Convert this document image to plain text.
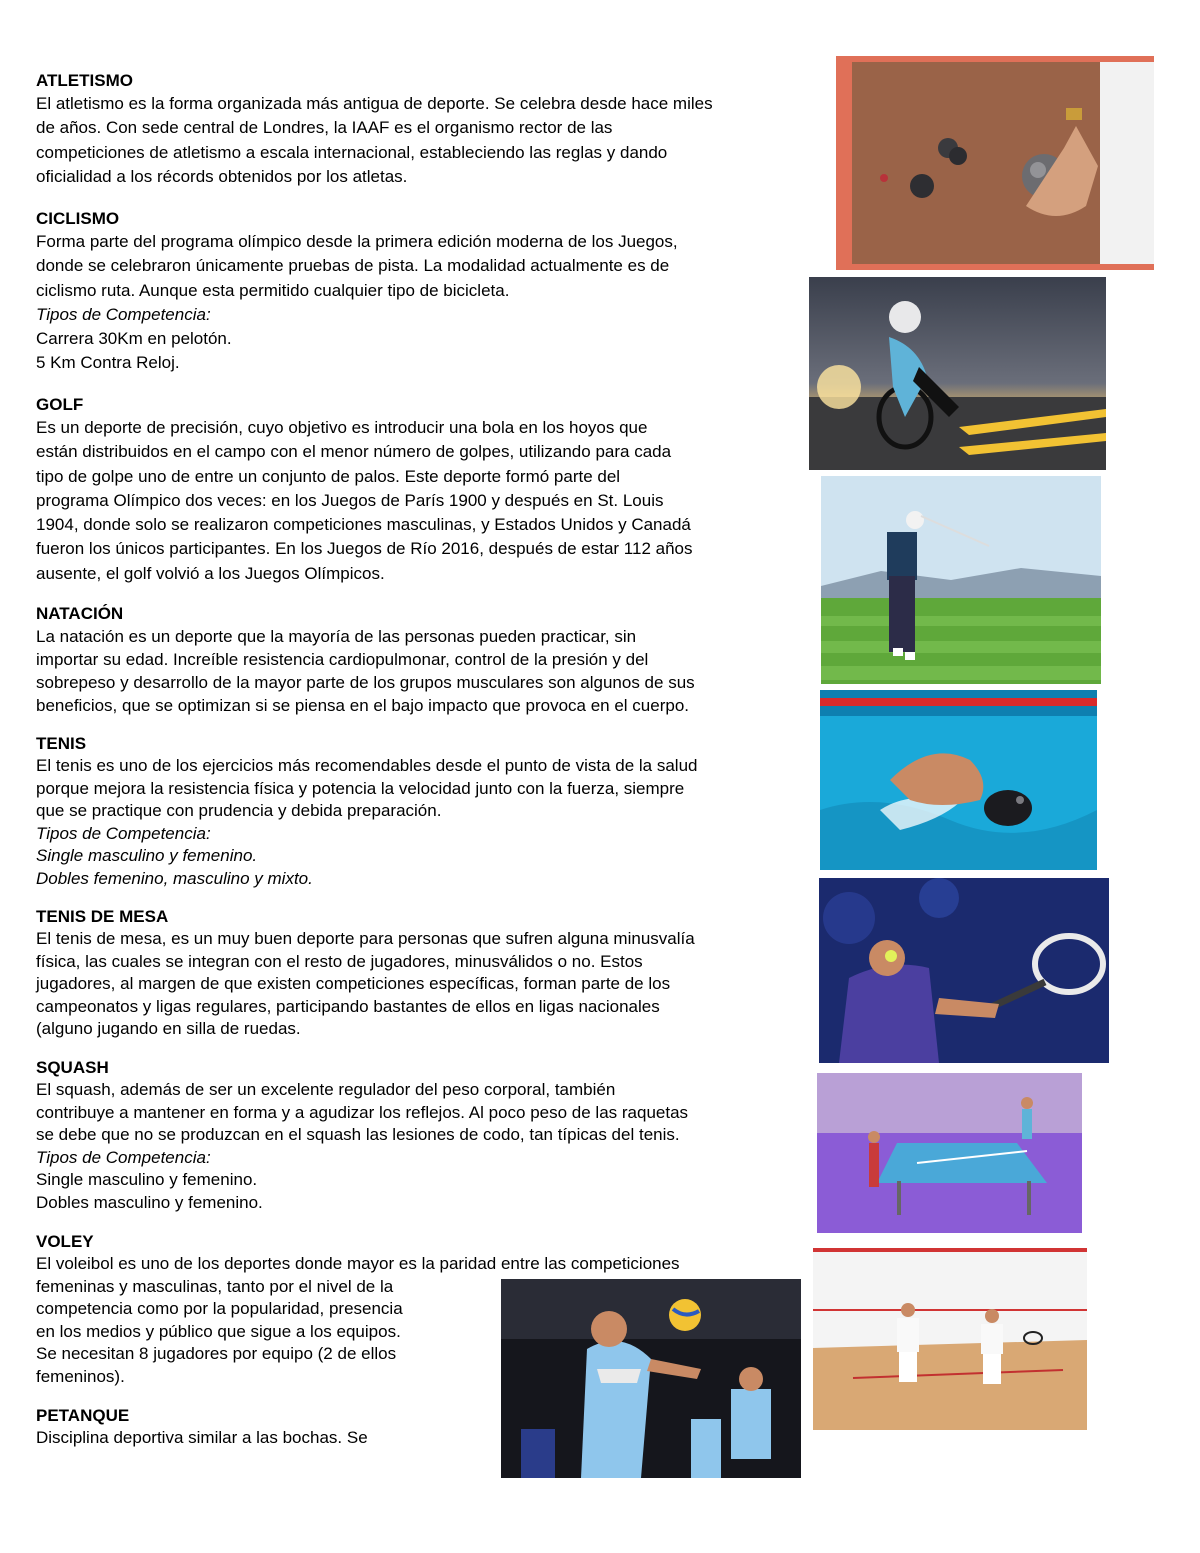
ATLETISMO
El atletismo es la forma organizada más antigua de deporte. Se celebra desde hace miles
de años. Con sede central de Londres, la IAAF es el organismo rector de las
competiciones de atletismo a escala internacional, estableciendo las reglas y dando
oficialidad a los récords obtenidos por los atletas.
CICLISMO
Forma parte del programa olímpico desde la primera edición moderna de los Juegos,
donde se celebraron únicamente pruebas de pista. La modalidad actualmente es de
ciclismo ruta. Aunque esta permitido cualquier tipo de bicicleta.
Tipos de Competencia:
Carrera 30Km en pelotón.
5 Km Contra Reloj.
GOLF
Es un deporte de precisión, cuyo objetivo es introducir una bola en los hoyos que
están distribuidos en el campo con el menor número de golpes, utilizando para cada
tipo de golpe uno de entre un conjunto de palos. Este deporte formó parte del
programa Olímpico dos veces: en los Juegos de París 1900 y después en St. Louis
1904, donde solo se realizaron competiciones masculinas, y Estados Unidos y Canadá
fueron los únicos participantes. En los Juegos de Río 2016, después de estar 112 años
ausente, el golf volvió a los Juegos Olímpicos.
NATACIÓN
La natación es un deporte que la mayoría de las personas pueden practicar, sin
importar su edad. Increíble resistencia cardiopulmonar, control de la presión y del
sobrepeso y desarrollo de la mayor parte de los grupos musculares son algunos de sus
beneficios, que se optimizan si se piensa en el bajo impacto que provoca en el cuerpo.
TENIS
El tenis es uno de los ejercicios más recomendables desde el punto de vista de la salud
porque mejora la resistencia física y potencia la velocidad junto con la fuerza, siempre
que se practique con prudencia y debida preparación.
Tipos de Competencia:
Single masculino y femenino.
Dobles femenino, masculino y mixto.
TENIS DE MESA
El tenis de mesa, es un muy buen deporte para personas que sufren alguna minusvalía
física, las cuales se integran con el resto de jugadores, minusválidos o no. Estos
jugadores, al margen de que existen competiciones específicas, forman parte de los
campeonatos y ligas regulares, participando bastantes de ellos en ligas nacionales
(alguno jugando en silla de ruedas.
SQUASH
El squash, además de ser un excelente regulador del peso corporal, también
contribuye a mantener en forma y a agudizar los reflejos. Al poco peso de las raquetas
se debe que no se produzcan en el squash las lesiones de codo, tan típicas del tenis.
Tipos de Competencia:
Single masculino y femenino.
Dobles masculino y femenino.
VOLEY
El voleibol es uno de los deportes donde mayor es la paridad entre las competiciones
femeninas y masculinas, tanto por el nivel de la
competencia como por la popularidad, presencia
en los medios y público que sigue a los equipos.
Se necesitan 8 jugadores por equipo (2 de ellos
femeninos).
PETANQUE
Disciplina deportiva similar a las bochas. Se
